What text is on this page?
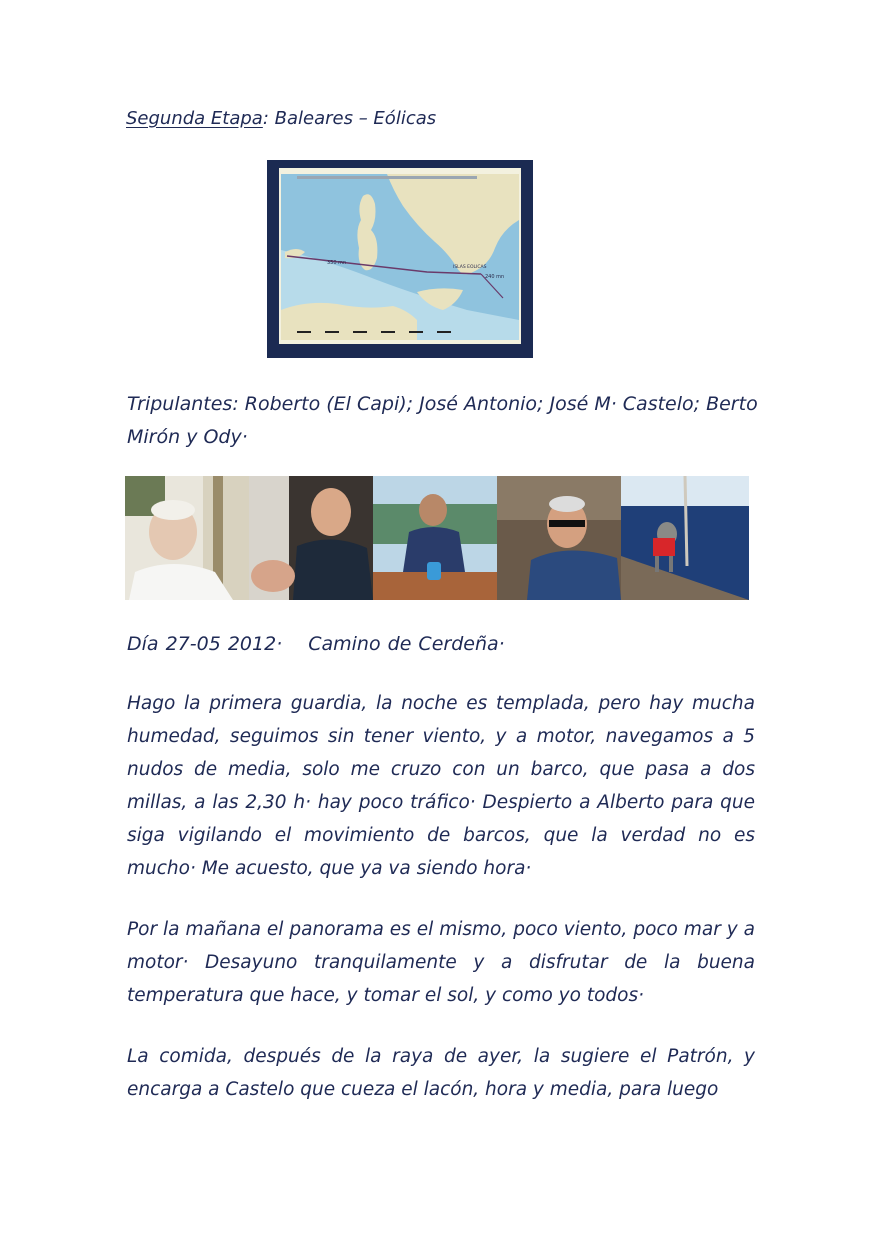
Segunda Etapa: Baleares – Eólicas
350 mn
240 mn
ISLAS EOLICAS
Tripulantes: Roberto (El Capi); José Antonio; José M· Castelo; Berto Mirón y Ody·
Día 27-05 2012· Camino de Cerdeña·
Hago la primera guardia, la noche es templada, pero hay mucha humedad, seguimos sin tener viento, y a motor, navegamos a 5 nudos de media, solo me cruzo con un barco, que pasa a dos millas, a las 2,30 h· hay poco tráfico· Despierto a Alberto para que siga vigilando el movimiento de barcos, que la verdad no es mucho· Me acuesto, que ya va siendo hora·
Por la mañana el panorama es el mismo, poco viento, poco mar y a motor· Desayuno tranquilamente y a disfrutar de la buena temperatura que hace, y tomar el sol, y como yo todos·
La comida, después de la raya de ayer, la sugiere el Patrón, y encarga a Castelo que cueza el lacón, hora y media, para luego
